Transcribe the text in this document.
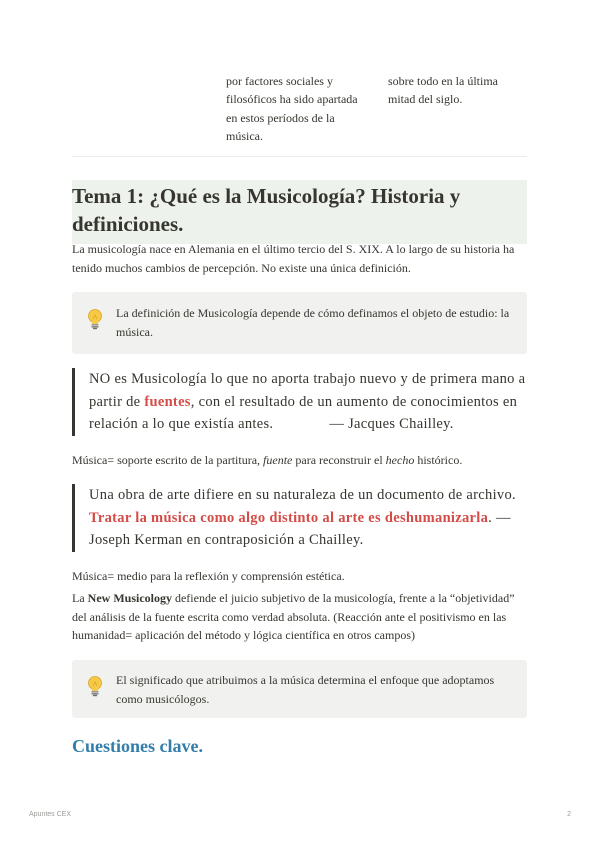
por factores sociales y
filosóficos ha sido apartada
en estos períodos de la
música.
sobre todo en la última
mitad del siglo.
Tema 1: ¿Qué es la Musicología? Historia y
definiciones.
La musicología nace en Alemania en el último tercio del S. XIX. A lo largo de su historia ha
tenido muchos cambios de percepción. No existe una única definición.
La definición de Musicología depende de cómo definamos el objeto de estudio: la
música.
NO es Musicología lo que no aporta trabajo nuevo y de primera mano a
partir de fuentes, con el resultado de un aumento de conocimientos en
relación a lo que existía antes.	— Jacques Chailley.
Música= soporte escrito de la partitura, fuente para reconstruir el hecho histórico.
Una obra de arte difiere en su naturaleza de un documento de archivo.
Tratar la música como algo distinto al arte es deshumanizarla. —
Joseph Kerman en contraposición a Chailley.
Música= medio para la reflexión y comprensión estética.
La New Musicology defiende el juicio subjetivo de la musicología, frente a la “objetividad”
del análisis de la fuente escrita como verdad absoluta. (Reacción ante el positivismo en las
humanidad= aplicación del método y lógica científica en otros campos)
El significado que atribuimos a la música determina el enfoque que adoptamos
como musicólogos.
Cuestiones clave.
Apuntes CEX	2
